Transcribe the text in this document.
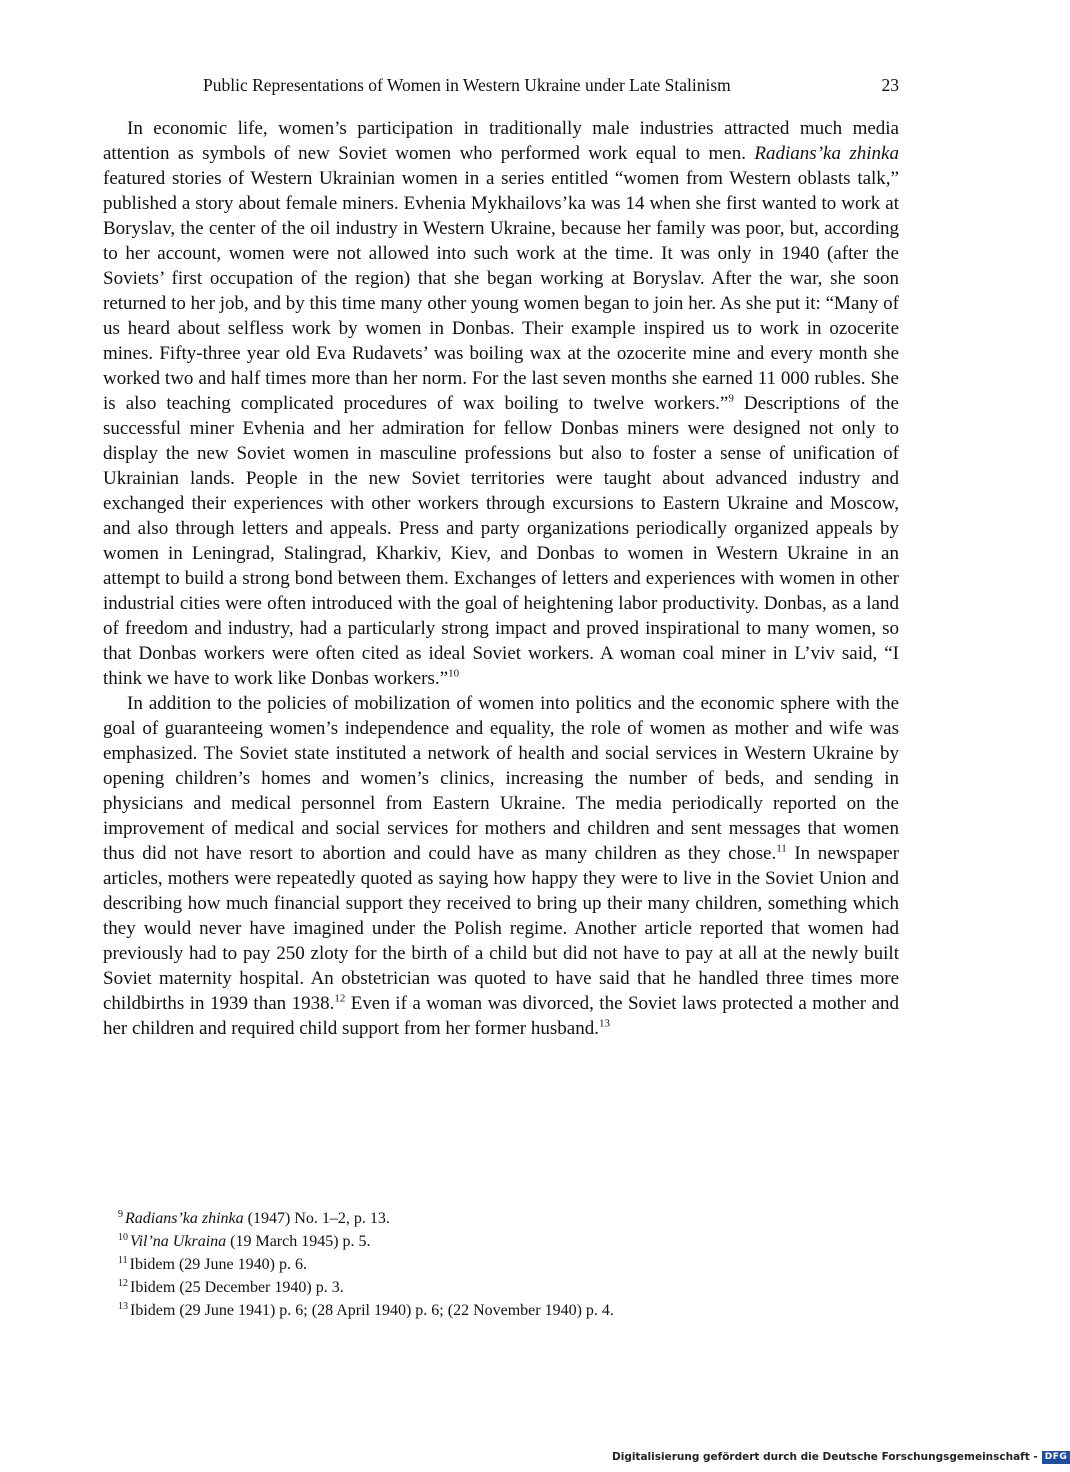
Public Representations of Women in Western Ukraine under Late Stalinism	23

In economic life, women’s participation in traditionally male industries attracted much media attention as symbols of new Soviet women who performed work equal to men. Radians’ka zhinka featured stories of Western Ukrainian women in a series entitled “women from Western oblasts talk,” published a story about female miners. Evhenia Mykhailovs’ka was 14 when she first wanted to work at Boryslav, the center of the oil industry in Western Ukraine, because her family was poor, but, according to her account, women were not allowed into such work at the time. It was only in 1940 (after the Soviets’ first occupation of the region) that she began working at Boryslav. After the war, she soon returned to her job, and by this time many other young women began to join her. As she put it: “Many of us heard about selfless work by women in Donbas. Their example inspired us to work in ozocerite mines. Fifty-three year old Eva Rudavets’ was boiling wax at the ozocerite mine and every month she worked two and half times more than her norm. For the last seven months she earned 11 000 rubles. She is also teaching complicated procedures of wax boiling to twelve workers.”$^9$ Descriptions of the successful miner Evhenia and her admiration for fellow Donbas miners were designed not only to display the new Soviet women in masculine professions but also to foster a sense of unification of Ukrainian lands. People in the new Soviet territories were taught about advanced industry and exchanged their experiences with other workers through excursions to Eastern Ukraine and Moscow, and also through letters and appeals. Press and party organizations periodically organized appeals by women in Leningrad, Stalingrad, Kharkiv, Kiev, and Donbas to women in Western Ukraine in an attempt to build a strong bond between them. Exchanges of letters and experiences with women in other industrial cities were often introduced with the goal of heightening labor productivity. Donbas, as a land of freedom and industry, had a particularly strong impact and proved inspirational to many women, so that Donbas workers were often cited as ideal Soviet workers. A woman coal miner in L’viv said, “I think we have to work like Donbas workers.”$^{10}$

In addition to the policies of mobilization of women into politics and the economic sphere with the goal of guaranteeing women’s independence and equality, the role of women as mother and wife was emphasized. The Soviet state instituted a network of health and social services in Western Ukraine by opening children’s homes and women’s clinics, increasing the number of beds, and sending in physicians and medical personnel from Eastern Ukraine. The media periodically reported on the improvement of medical and social services for mothers and children and sent messages that women thus did not have resort to abortion and could have as many children as they chose.$^{11}$ In newspaper articles, mothers were repeatedly quoted as saying how happy they were to live in the Soviet Union and describing how much financial support they received to bring up their many children, something which they would never have imagined under the Polish regime. Another article reported that women had previously had to pay 250 zloty for the birth of a child but did not have to pay at all at the newly built Soviet maternity hospital. An obstetrician was quoted to have said that he handled three times more childbirths in 1939 than 1938.12 Even if a woman was divorced, the Soviet laws protected a mother and her children and required child support from her former husband.$^{13}$

$^9$ Radians’ka zhinka (1947) No. 1–2, p. 13.

$^{10}$ Vil’na Ukraina (19 March 1945) p. 5.

$^{11}$ Ibidem (29 June 1940) p. 6.

$^{12}$ Ibidem (25 December 1940) p. 3.

$^{13}$ Ibidem (29 June 1941) p. 6; (28 April 1940) p. 6; (22 November 1940) p. 4.

Digitalisierung gefördert durch die Deutsche Forschungsgemeinschaft - DFG
